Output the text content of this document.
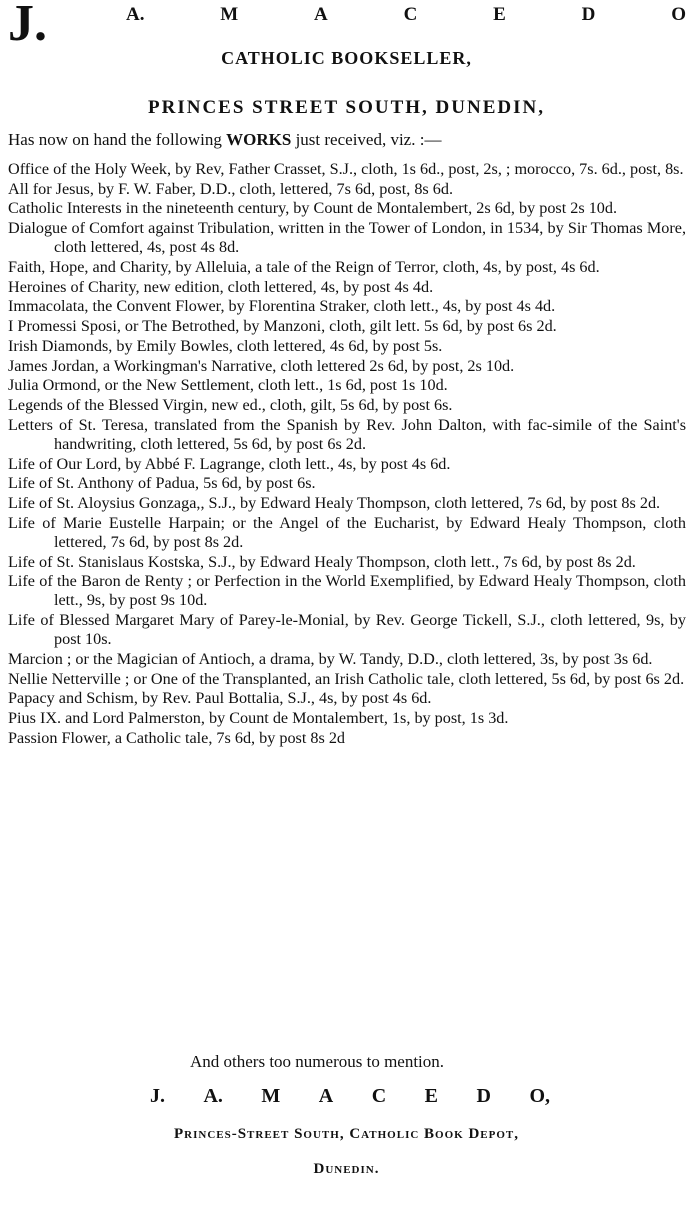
J.	A.	M	A	C	E	D	O
CATHOLIC BOOKSELLER,
PRINCES STREET SOUTH, DUNEDIN,
Has now on hand the following WORKS just received, viz. :—

Office of the Holy Week, by Rev, Father Crasset, S.J., cloth, 1s 6d., post, 2s, ; morocco, 7s. 6d., post, 8s.

All for Jesus, by F. W. Faber, D.D., cloth, lettered, 7s 6d, post, 8s 6d.

Catholic Interests in the nineteenth century, by Count de Montalembert, 2s 6d, by post 2s 10d.

Dialogue of Comfort against Tribulation, written in the Tower of London, in 1534, by Sir Thomas More, cloth lettered, 4s, post 4s 8d.

Faith, Hope, and Charity, by Alleluia, a tale of the Reign of Terror, cloth, 4s, by post, 4s 6d.

Heroines of Charity, new edition, cloth lettered, 4s, by post 4s 4d.

Immacolata, the Convent Flower, by Florentina Straker, cloth lett., 4s, by post 4s 4d.

I Promessi Sposi, or The Betrothed, by Manzoni, cloth, gilt lett. 5s 6d, by post 6s 2d.

Irish Diamonds, by Emily Bowles, cloth lettered, 4s 6d, by post 5s.

James Jordan, a Workingman's Narrative, cloth lettered 2s 6d, by post, 2s 10d.

Julia Ormond, or the New Settlement, cloth lett., 1s 6d, post 1s 10d.

Legends of the Blessed Virgin, new ed., cloth, gilt, 5s 6d, by post 6s.

Letters of St. Teresa, translated from the Spanish by Rev. John Dalton, with fac-simile of the Saint's handwriting, cloth lettered, 5s 6d, by post 6s 2d.

Life of Our Lord, by Abbé F. Lagrange, cloth lett., 4s, by post 4s 6d.

Life of St. Anthony of Padua, 5s 6d, by post 6s.

Life of St. Aloysius Gonzaga,, S.J., by Edward Healy Thompson, cloth lettered, 7s 6d, by post 8s 2d.

Life of Marie Eustelle Harpain; or the Angel of the Eucharist, by Edward Healy Thompson, cloth lettered, 7s 6d, by post 8s 2d.

Life of St. Stanislaus Kostska, S.J., by Edward Healy Thompson, cloth lett., 7s 6d, by post 8s 2d.

Life of the Baron de Renty ; or Perfection in the World Exemplified, by Edward Healy Thompson, cloth lett., 9s, by post 9s 10d.

Life of Blessed Margaret Mary of Parey-le-Monial, by Rev. George Tickell, S.J., cloth lettered, 9s, by post 10s.

Marcion ; or the Magician of Antioch, a drama, by W. Tandy, D.D., cloth lettered, 3s, by post 3s 6d.

Nellie Netterville ; or One of the Transplanted, an Irish Catholic tale, cloth lettered, 5s 6d, by post 6s 2d.

Papacy and Schism, by Rev. Paul Bottalia, S.J., 4s, by post 4s 6d.

Pius IX. and Lord Palmerston, by Count de Montalembert, 1s, by post, 1s 3d.

Passion Flower, a Catholic tale, 7s 6d, by post 8s 2d

And others too numerous to mention.
J. A. M A C E D O,
Princes-Street South, Catholic Book Depot,
Dunedin.
